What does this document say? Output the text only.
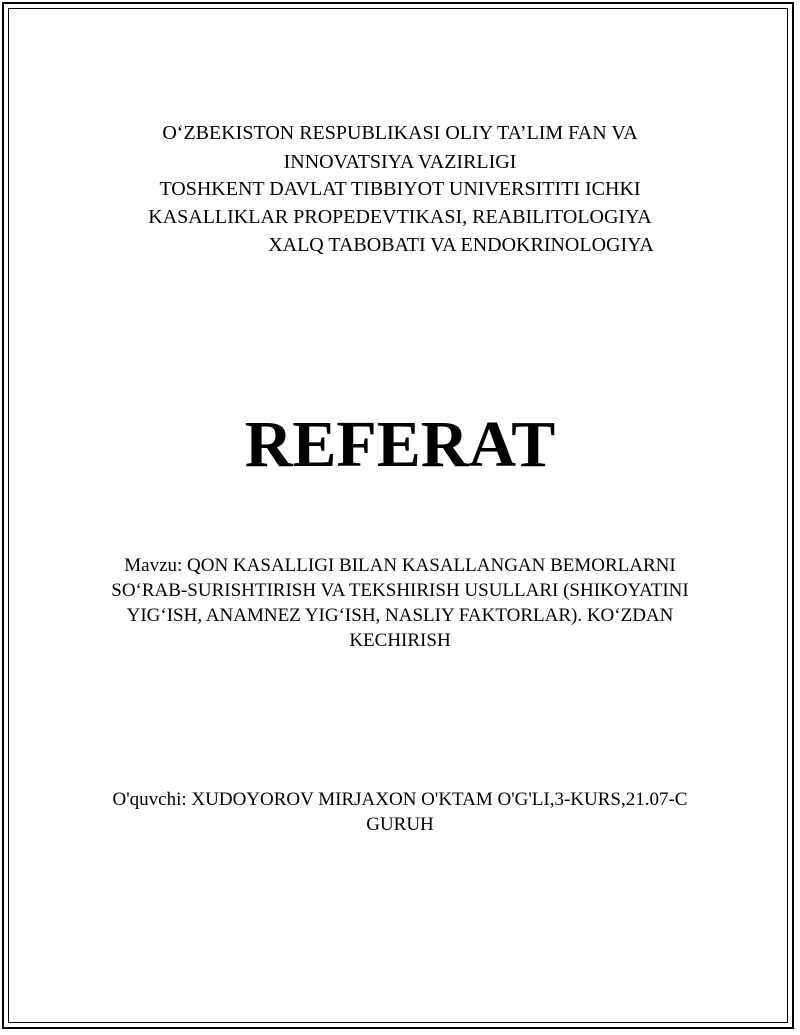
O‘ZBEKISTON RESPUBLIKASI OLIY TA’LIM FAN VA
INNOVATSIYA VAZIRLIGI
TOSHKENT DAVLAT TIBBIYOT UNIVERSITITI ICHKI
KASALLIKLAR PROPEDEVTIKASI, REABILITOLOGIYA
XALQ TABOBATI VA ENDOKRINOLOGIYA
REFERAT
Mavzu: QON KASALLIGI BILAN KASALLANGAN BEMORLARNI
SO‘RAB-SURISHTIRISH VA TEKSHIRISH USULLARI (SHIKOYATINI
YIG‘ISH, ANAMNEZ YIG‘ISH, NASLIY FAKTORLAR). KO‘ZDAN
KECHIRISH
O'quvchi: XUDOYOROV MIRJAXON O'KTAM O'G'LI,3-KURS,21.07-C
GURUH
